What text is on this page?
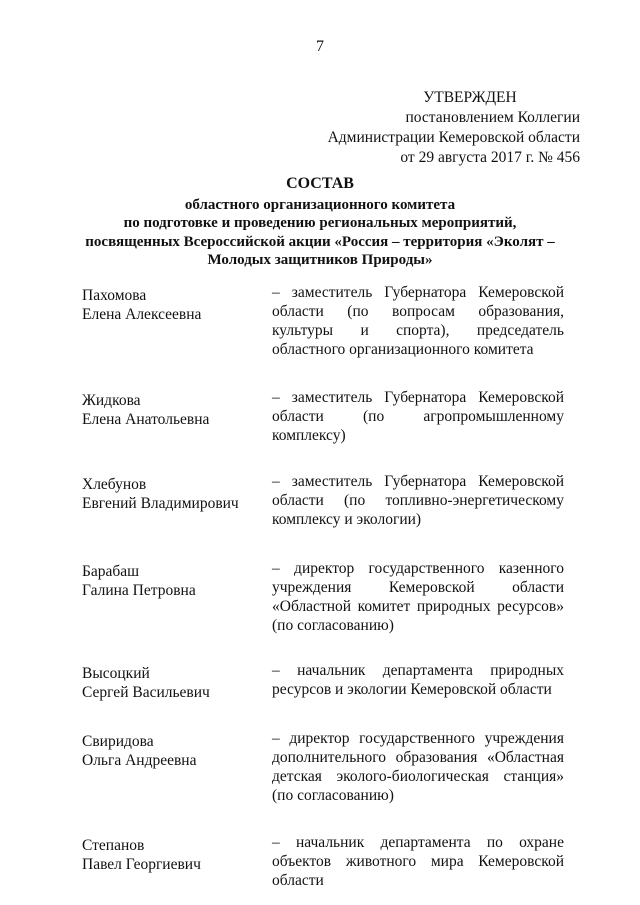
7
УТВЕРЖДЕН
постановлением Коллегии
Администрации Кемеровской области
от 29 августа 2017 г. № 456
СОСТАВ
областного организационного комитета
по подготовке и проведению региональных мероприятий,
посвященных Всероссийской акции «Россия – территория «Эколят –
Молодых защитников Природы»
Пахомова
Елена Алексеевна
– заместитель Губернатора Кемеровской области (по вопросам образования, культуры и спорта), председатель областного организационного комитета
Жидкова
Елена Анатольевна
– заместитель Губернатора Кемеровской области (по агропромышленному комплексу)
Хлебунов
Евгений Владимирович
– заместитель Губернатора Кемеровской области (по топливно-энергетическому комплексу и экологии)
Барабаш
Галина Петровна
– директор государственного казенного учреждения Кемеровской области «Областной комитет природных ресурсов» (по согласованию)
Высоцкий
Сергей Васильевич
– начальник департамента природных ресурсов и экологии Кемеровской области
Свиридова
Ольга Андреевна
– директор государственного учреждения дополнительного образования «Областная детская эколого-биологическая станция» (по согласованию)
Степанов
Павел Георгиевич
– начальник департамента по охране объектов животного мира Кемеровской области
